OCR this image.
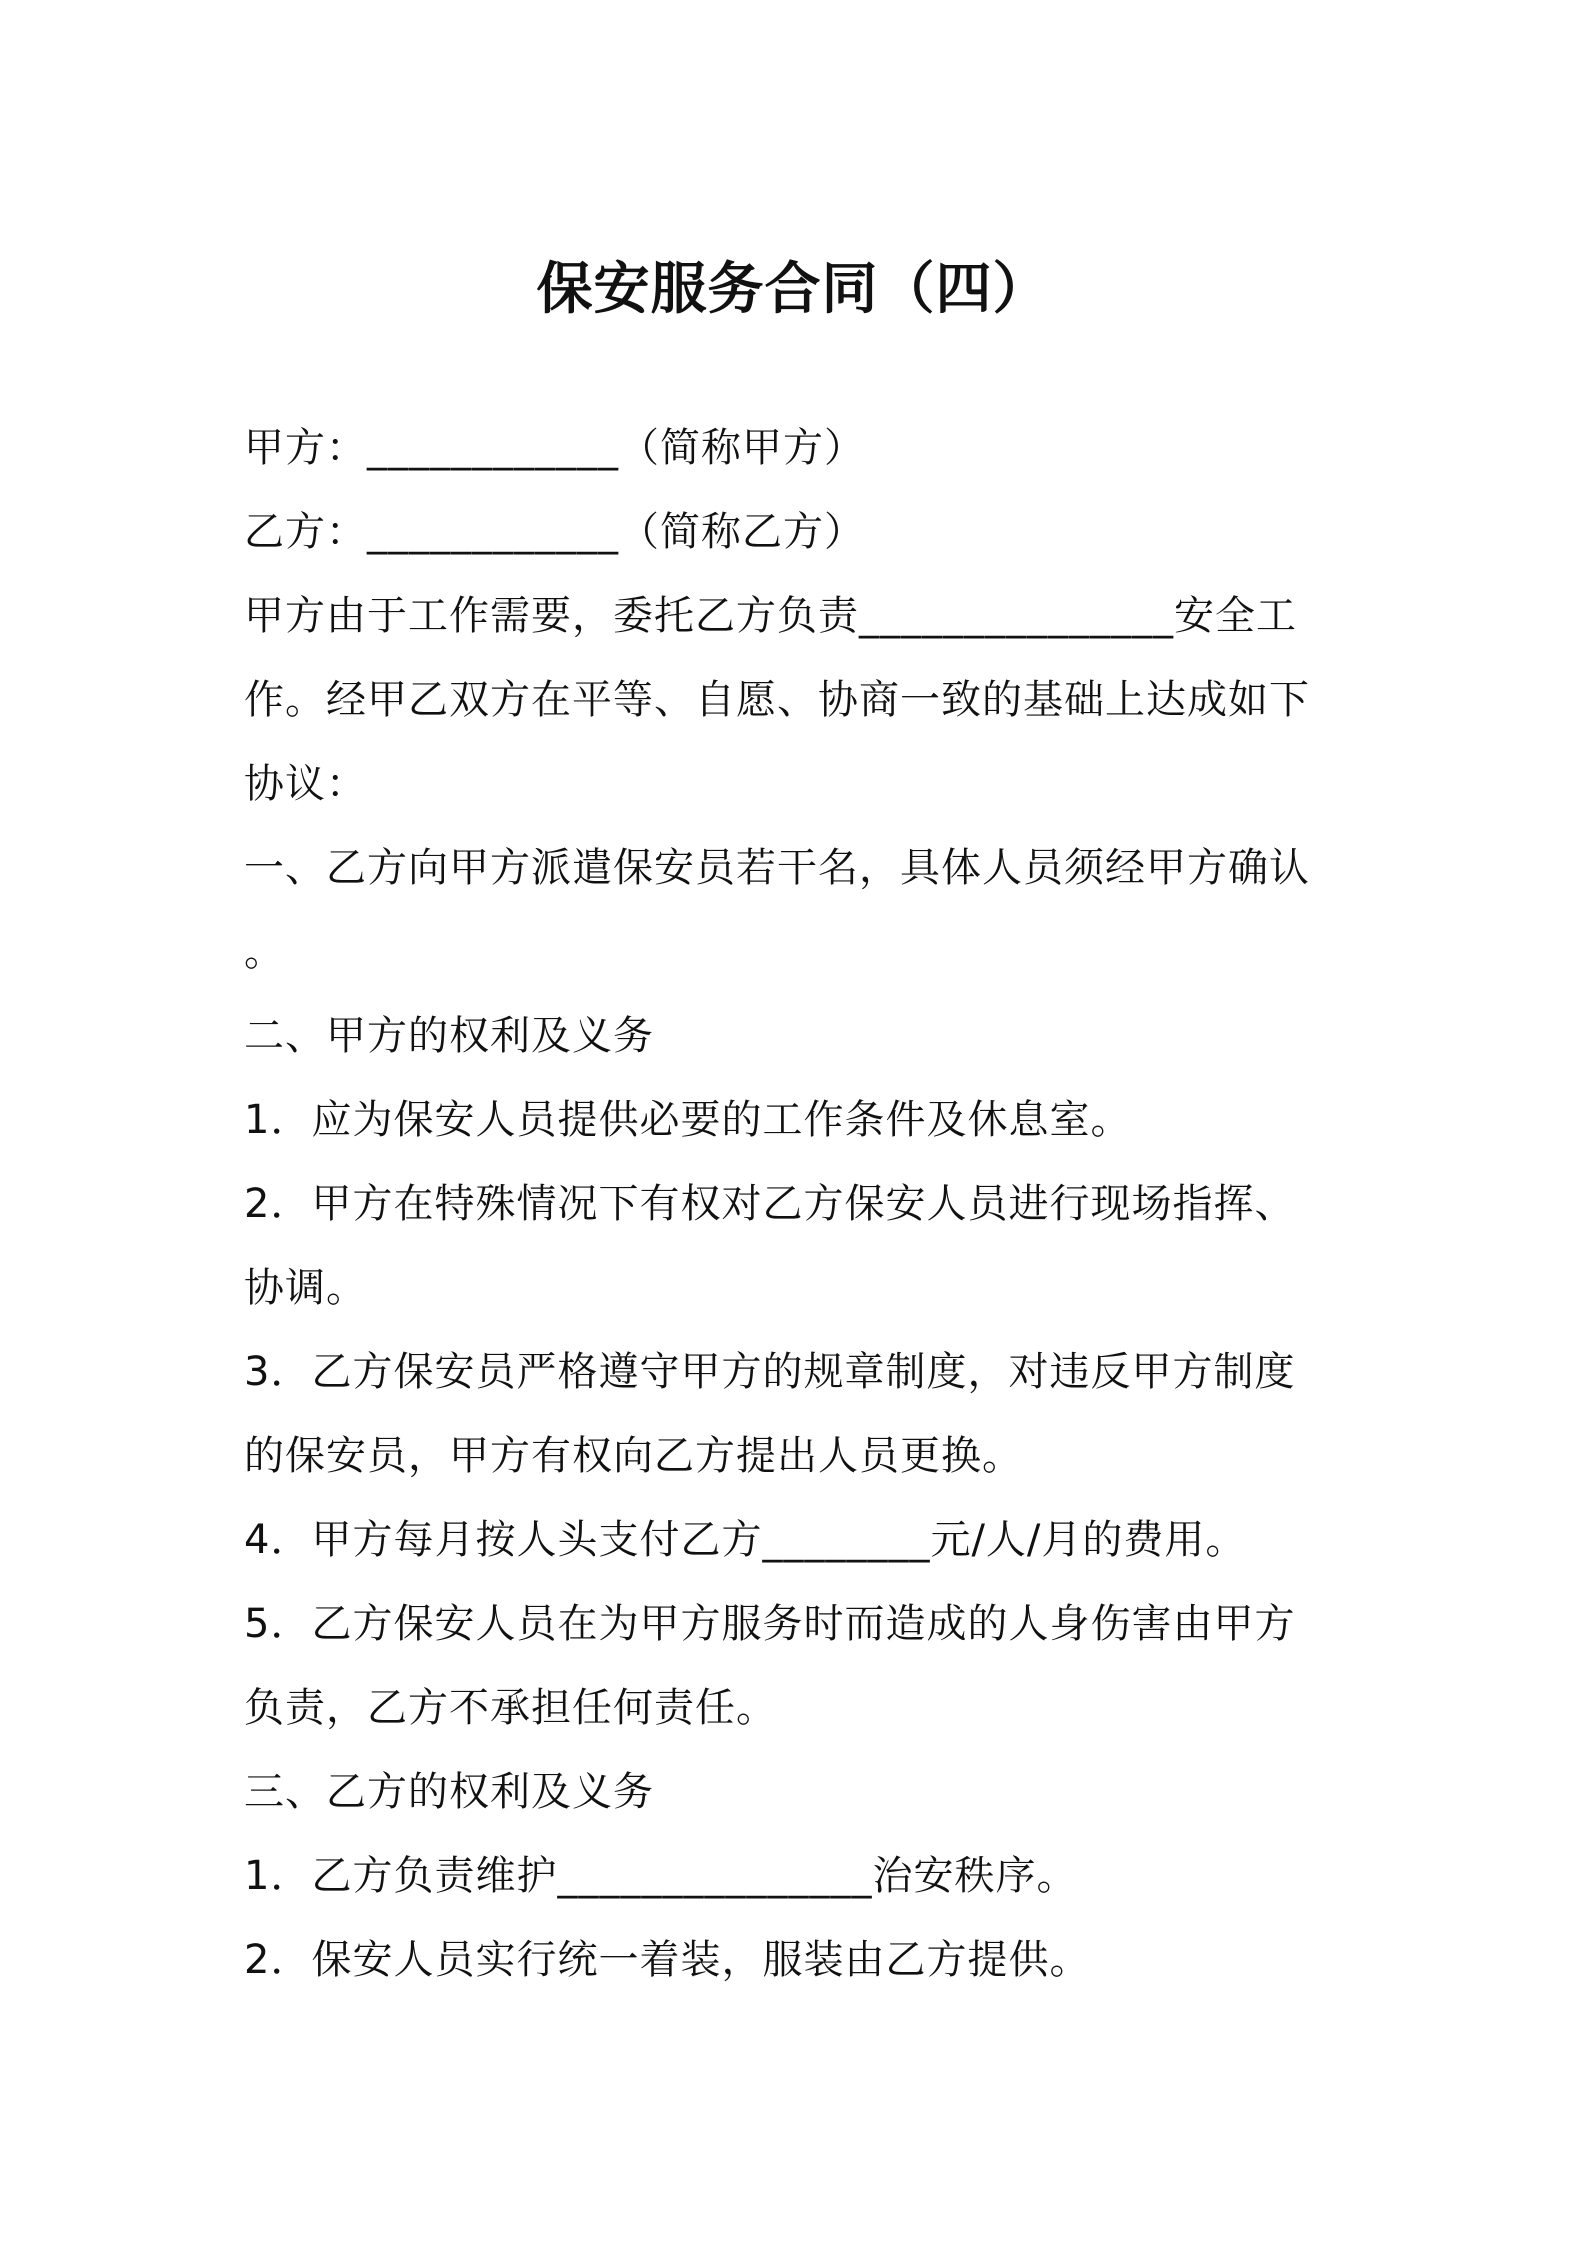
保安服务合同（四）
甲方：____________（简称甲方）
乙方：____________（简称乙方）
甲方由于工作需要，委托乙方负责_______________安全工
作。经甲乙双方在平等、自愿、协商一致的基础上达成如下
协议：
一、乙方向甲方派遣保安员若干名，具体人员须经甲方确认
。
二、甲方的权利及义务
1．应为保安人员提供必要的工作条件及休息室。
2．甲方在特殊情况下有权对乙方保安人员进行现场指挥、
协调。
3．乙方保安员严格遵守甲方的规章制度，对违反甲方制度
的保安员，甲方有权向乙方提出人员更换。
4．甲方每月按人头支付乙方________元/人/月的费用。
5．乙方保安人员在为甲方服务时而造成的人身伤害由甲方
负责，乙方不承担任何责任。
三、乙方的权利及义务
1．乙方负责维护_______________治安秩序。
2．保安人员实行统一着装，服装由乙方提供。
